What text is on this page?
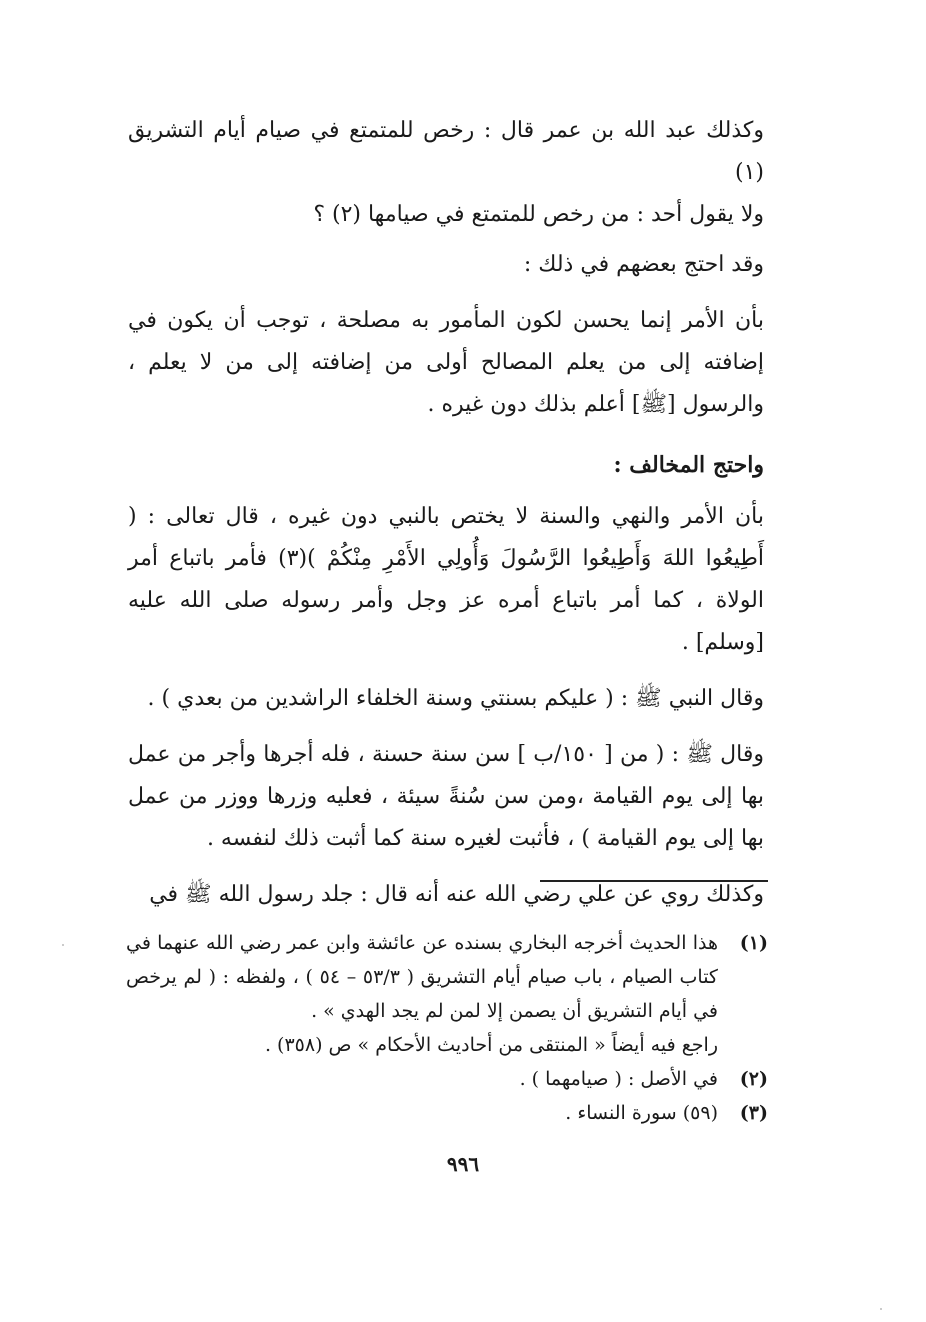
وكذلك عبد الله بن عمر قال : رخص للمتمتع في صيام أيام التشريق (١)
ولا يقول أحد : من رخص للمتمتع في صيامها (٢) ؟

وقد احتج بعضهم في ذلك :

بأن الأمر إنما يحسن لكون المأمور به مصلحة ، توجب أن يكون في إضافته إلى من يعلم المصالح أولى من إضافته إلى من لا يعلم ، والرسول [ﷺ] أعلم بذلك دون غيره .

واحتج المخالف :

بأن الأمر والنهي والسنة لا يختص بالنبي دون غيره ، قال تعالى : ( أَطِيعُوا اللهَ وَأَطِيعُوا الرَّسُولَ وَأُولِي الأَمْرِ مِنْكُمْ )(٣) فأمر باتباع أمر الولاة ، كما أمر باتباع أمره عز وجل وأمر رسوله صلى الله عليه [وسلم] .

وقال النبي ﷺ : ( عليكم بسنتي وسنة الخلفاء الراشدين من بعدي ) .

وقال ﷺ : ( من [ ١٥٠/ب ] سن سنة حسنة ، فله أجرها وأجر من عمل بها إلى يوم القيامة ،ومن سن سُنةً سيئة ، فعليه وزرها ووزر من عمل بها إلى يوم القيامة ) ، فأثبت لغيره سنة كما أثبت ذلك لنفسه .

وكذلك روي عن علي رضي الله عنه أنه قال : جلد رسول الله ﷺ في

(١)
هذا الحديث أخرجه البخاري بسنده عن عائشة وابن عمر رضي الله عنهما في كتاب الصيام ، باب صيام أيام التشريق ( ٥٣/٣ – ٥٤ ) ، ولفظه : ( لم يرخص في أيام التشريق أن يصمن إلا لمن لم يجد الهدي » .
راجع فيه أيضاً « المنتقى من أحاديث الأحكام » ص (٣٥٨) .
(٢)
في الأصل : ( صيامهما ) .
(٣)
(٥٩) سورة النساء .
٩٩٦
